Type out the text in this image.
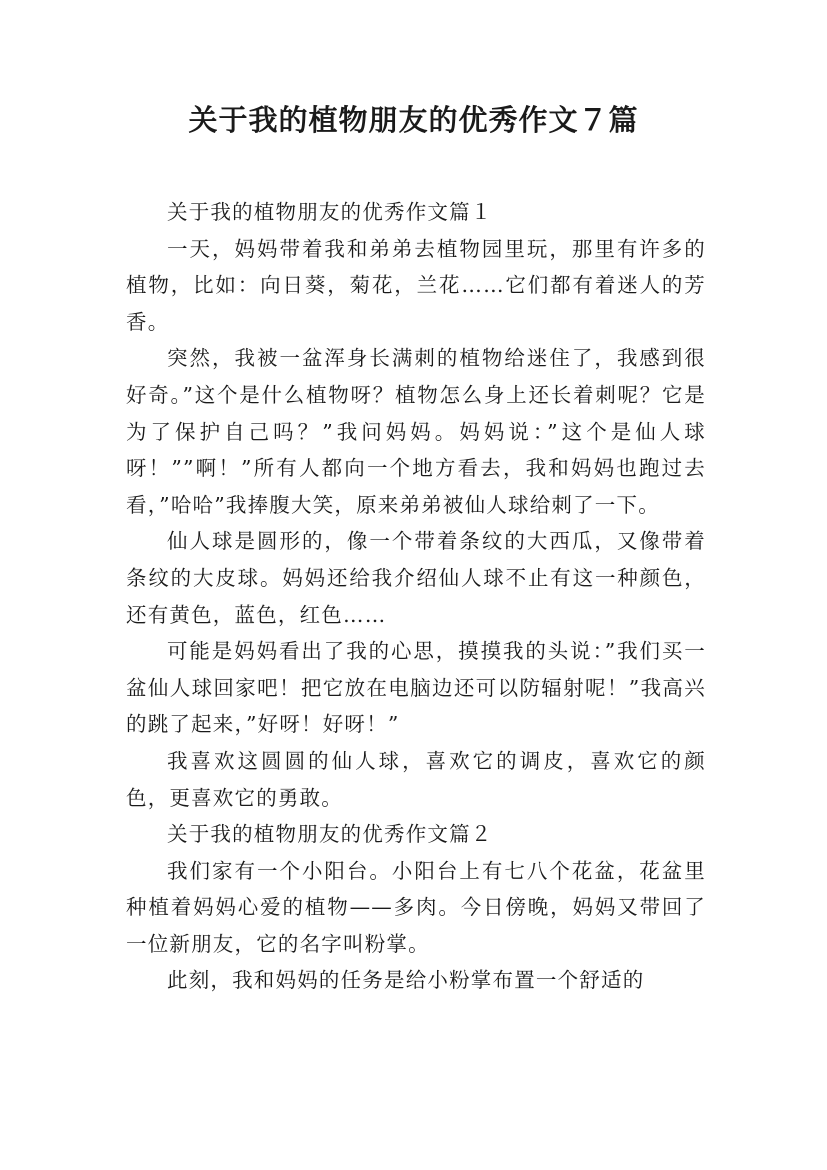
关于我的植物朋友的优秀作文７篇

关于我的植物朋友的优秀作文篇１

一天，妈妈带着我和弟弟去植物园里玩，那里有许多的植物，比如：向日葵，菊花，兰花……它们都有着迷人的芳香。

突然，我被一盆浑身长满刺的植物给迷住了，我感到很好奇。”这个是什么植物呀？植物怎么身上还长着刺呢？它是为了保护自己吗？”我问妈妈。妈妈说：”这个是仙人球呀！””啊！”所有人都向一个地方看去，我和妈妈也跑过去看，”哈哈”我捧腹大笑，原来弟弟被仙人球给刺了一下。

仙人球是圆形的，像一个带着条纹的大西瓜，又像带着条纹的大皮球。妈妈还给我介绍仙人球不止有这一种颜色，还有黄色，蓝色，红色……

可能是妈妈看出了我的心思，摸摸我的头说：”我们买一盆仙人球回家吧！把它放在电脑边还可以防辐射呢！”我高兴的跳了起来，”好呀！好呀！”

我喜欢这圆圆的仙人球，喜欢它的调皮，喜欢它的颜色，更喜欢它的勇敢。

关于我的植物朋友的优秀作文篇２

我们家有一个小阳台。小阳台上有七八个花盆，花盆里种植着妈妈心爱的植物——多肉。今日傍晚，妈妈又带回了一位新朋友，它的名字叫粉掌。

此刻，我和妈妈的任务是给小粉掌布置一个舒适的
